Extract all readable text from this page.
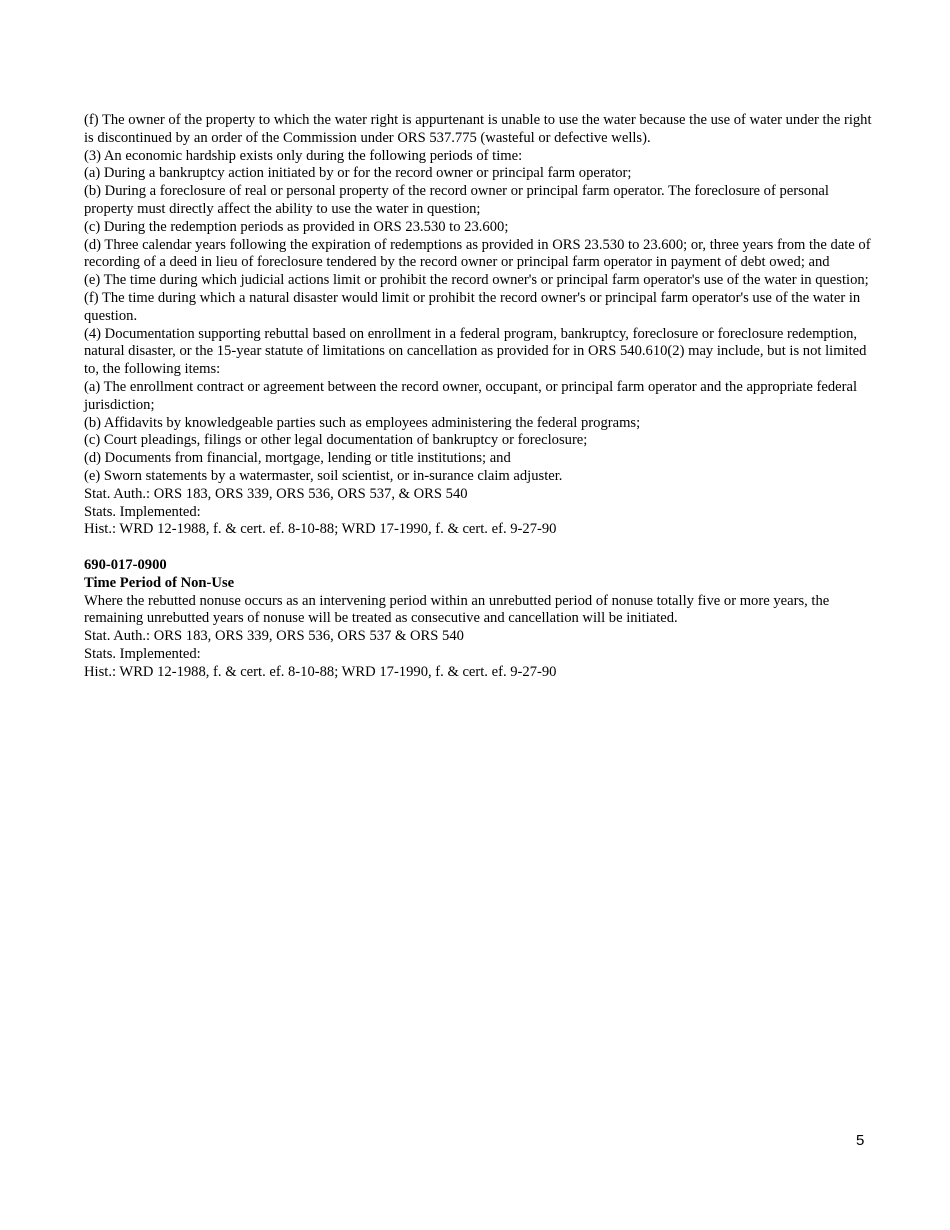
(f) The owner of the property to which the water right is appurtenant is unable to use the water because the use of water under the right is discontinued by an order of the Commission under ORS 537.775 (wasteful or defective wells).

(3) An economic hardship exists only during the following periods of time:

(a) During a bankruptcy action initiated by or for the record owner or principal farm operator;

(b) During a foreclosure of real or personal property of the record owner or principal farm operator. The foreclosure of personal property must directly affect the ability to use the water in question;

(c) During the redemption periods as provided in ORS 23.530 to 23.600;

(d) Three calendar years following the expiration of redemptions as provided in ORS 23.530 to 23.600; or, three years from the date of recording of a deed in lieu of foreclosure tendered by the record owner or principal farm operator in payment of debt owed; and

(e) The time during which judicial actions limit or prohibit the record owner's or principal farm operator's use of the water in question;

(f) The time during which a natural disaster would limit or prohibit the record owner's or principal farm operator's use of the water in question.

(4) Documentation supporting rebuttal based on enrollment in a federal program, bankruptcy, foreclosure or foreclosure redemption, natural disaster, or the 15-year statute of limitations on cancellation as provided for in ORS 540.610(2) may include, but is not limited to, the following items:

(a) The enrollment contract or agreement between the record owner, occupant, or principal farm operator and the appropriate federal jurisdiction;

(b) Affidavits by knowledgeable parties such as employees administering the federal programs;

(c) Court pleadings, filings or other legal documentation of bankruptcy or foreclosure;

(d) Documents from financial, mortgage, lending or title institutions; and

(e) Sworn statements by a watermaster, soil scientist, or in-surance claim adjuster.

Stat. Auth.: ORS 183, ORS 339, ORS 536, ORS 537, & ORS 540

Stats. Implemented:

Hist.: WRD 12-1988, f. & cert. ef. 8-10-88; WRD 17-1990, f. & cert. ef. 9-27-90

690-017-0900

Time Period of Non-Use

Where the rebutted nonuse occurs as an intervening period within an unrebutted period of nonuse totally five or more years, the remaining unrebutted years of nonuse will be treated as consecutive and cancellation will be initiated.

Stat. Auth.: ORS 183, ORS 339, ORS 536, ORS 537 & ORS 540

Stats. Implemented:

Hist.: WRD 12-1988, f. & cert. ef. 8-10-88; WRD 17-1990, f. & cert. ef. 9-27-90

5
